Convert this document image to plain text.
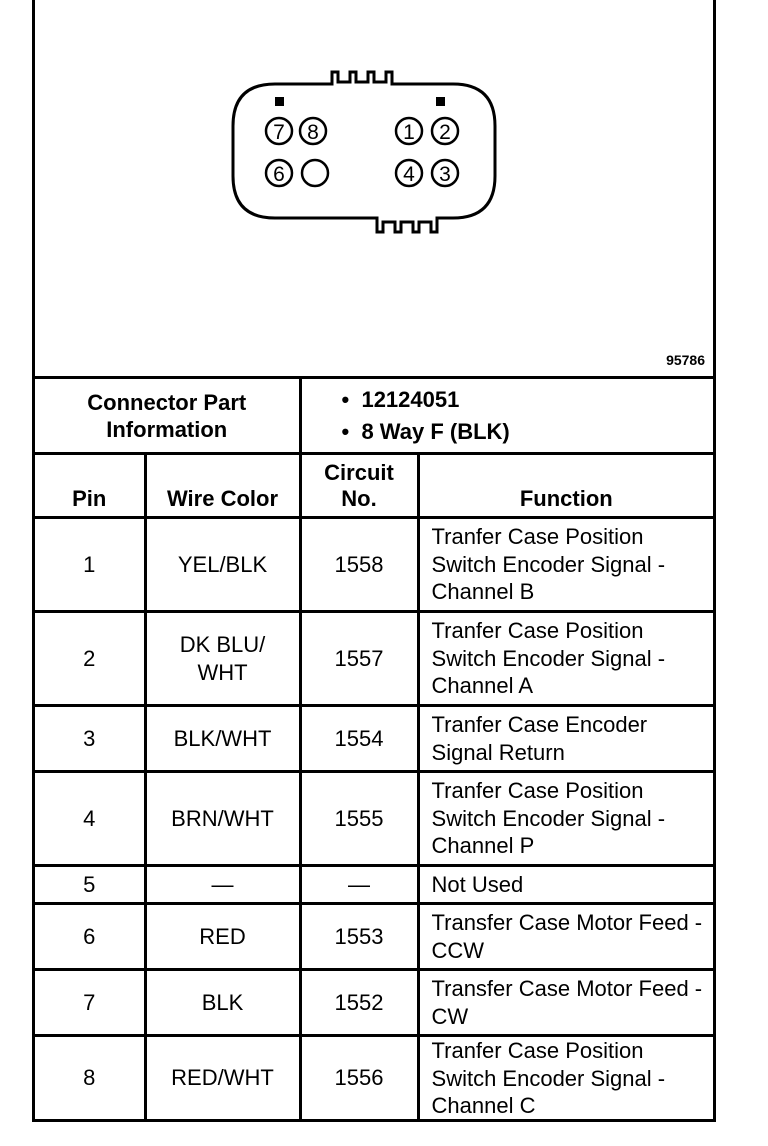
7 8	1 2
6	4 3
95786
Connector Part Information		•  12124051
•  8 Way F (BLK)

Pin	Wire Color	Circuit No.	Function
1	YEL/BLK	1558	Tranfer Case Position Switch Encoder Signal - Channel B
2	DK BLU/ WHT	1557	Tranfer Case Position Switch Encoder Signal - Channel A
3	BLK/WHT	1554	Tranfer Case Encoder Signal Return
4	BRN/WHT	1555	Tranfer Case Position Switch Encoder Signal - Channel P
5	—	—	Not Used
6	RED	1553	Transfer Case Motor Feed - CCW
7	BLK	1552	Transfer Case Motor Feed - CW
8	RED/WHT	1556	Tranfer Case Position Switch Encoder Signal - Channel C
